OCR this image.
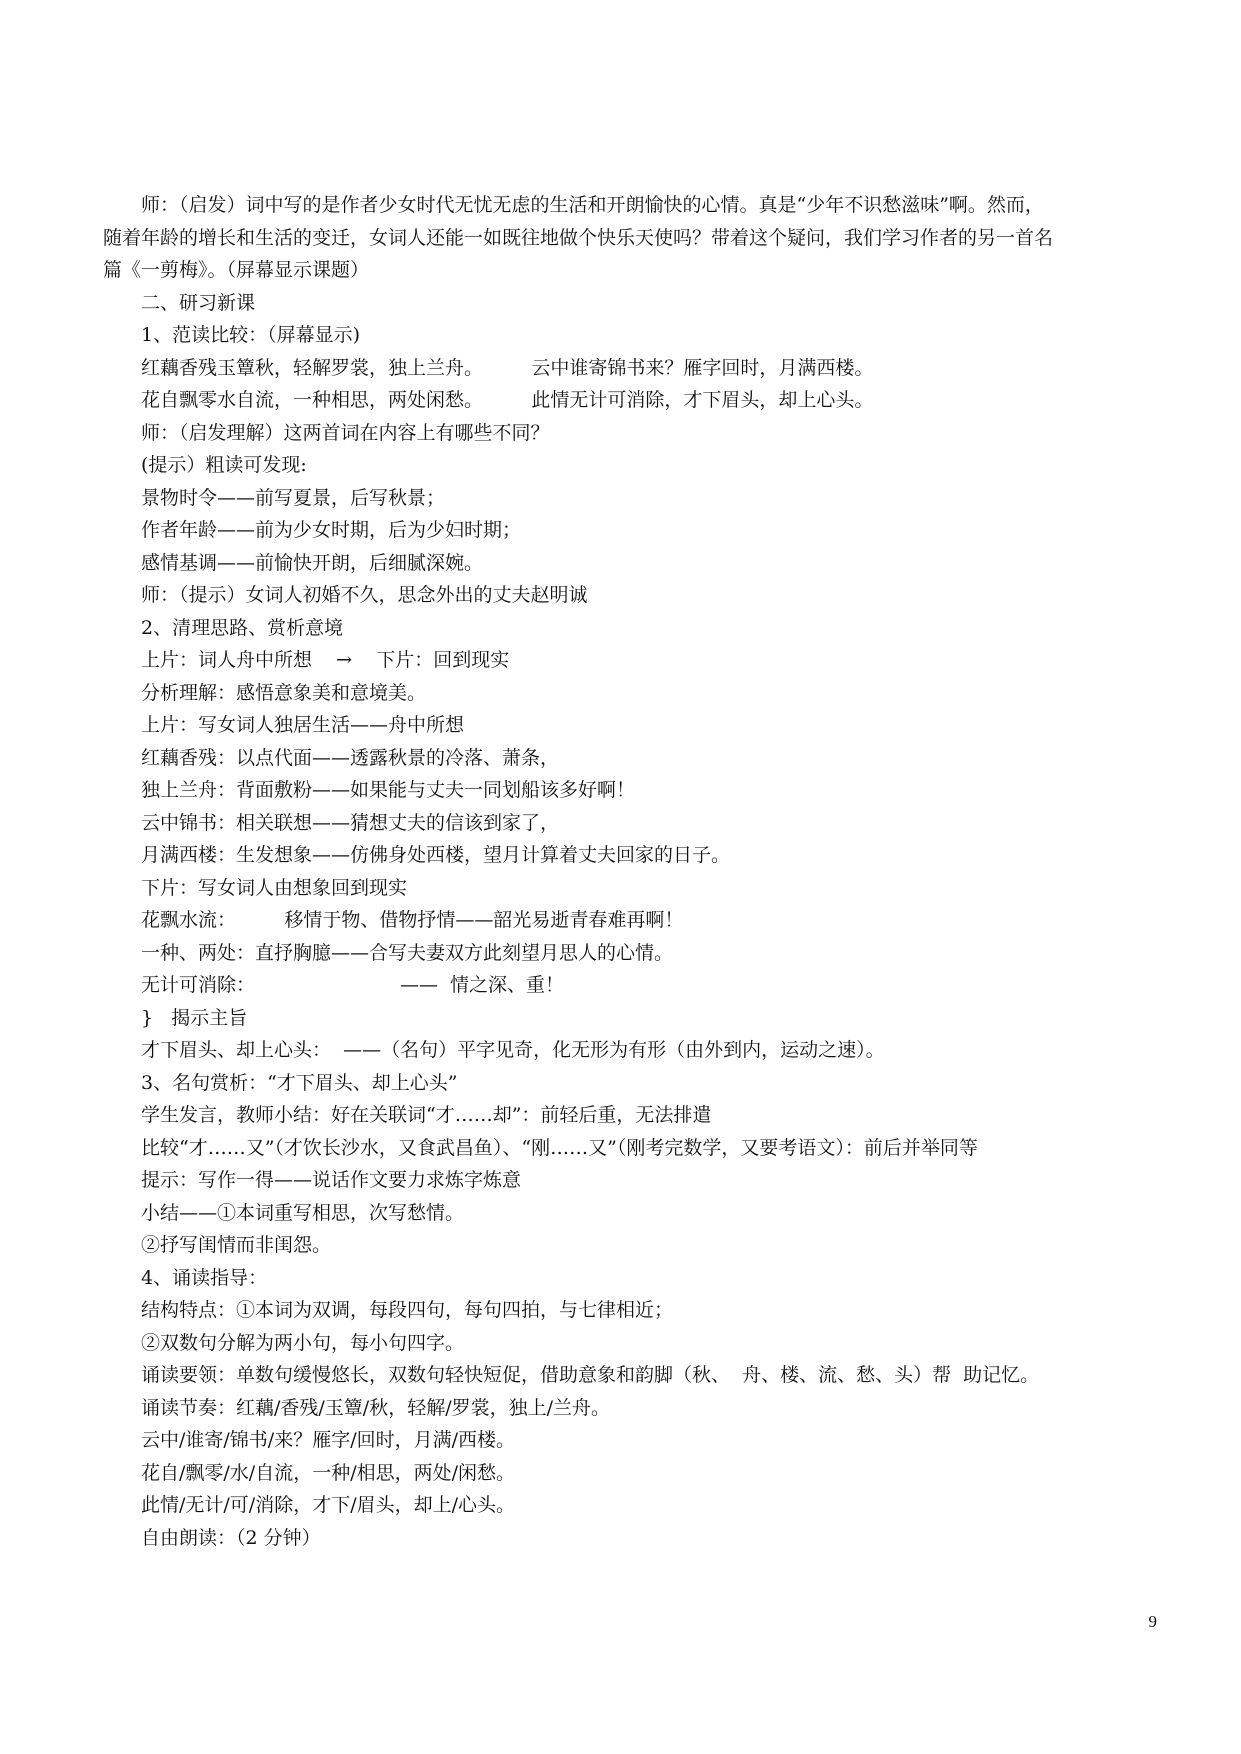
师：（启发）词中写的是作者少女时代无忧无虑的生活和开朗愉快的心情。真是“少年不识愁滋味”啊。然而，
随着年龄的增长和生活的变迁，女词人还能一如既往地做个快乐天使吗？带着这个疑问，我们学习作者的另一首名
篇《一剪梅》。（屏幕显示课题）

二、研习新课

1、范读比较：（屏幕显示)

红藕香残玉簟秋，轻解罗裳，独上兰舟。        云中谁寄锦书来？雁字回时，月满西楼。

花自飘零水自流，一种相思，两处闲愁。        此情无计可消除，才下眉头，却上心头。

师：（启发理解）这两首词在内容上有哪些不同？

(提示）粗读可发现:

景物时令——前写夏景，后写秋景；

作者年龄——前为少女时期，后为少妇时期；

感情基调——前愉快开朗，后细腻深婉。

师：（提示）女词人初婚不久，思念外出的丈夫赵明诚

2、清理思路、赏析意境

上片：词人舟中所想    →    下片：回到现实

分析理解：感悟意象美和意境美。

上片：写女词人独居生活——舟中所想

红藕香残：以点代面——透露秋景的冷落、萧条，

独上兰舟：背面敷粉——如果能与丈夫一同划船该多好啊！

云中锦书：相关联想——猜想丈夫的信该到家了，

月满西楼：生发想象——仿佛身处西楼，望月计算着丈夫回家的日子。

下片：写女词人由想象回到现实

花飘水流：        移情于物、借物抒情——韶光易逝青春难再啊！

一种、两处：直抒胸臆——合写夫妻双方此刻望月思人的心情。

无计可消除：                        ——  情之深、重！

}   揭示主旨

才下眉头、却上心头：  ——（名句）平字见奇，化无形为有形（由外到内，运动之速）。

3、名句赏析：“才下眉头、却上心头”

学生发言，教师小结：好在关联词“才……却”：前轻后重，无法排遣

比较“才……又”（才饮长沙水，又食武昌鱼）、“刚……又”（刚考完数学，又要考语文）：前后并举同等

提示：写作一得——说话作文要力求炼字炼意

小结——①本词重写相思，次写愁情。

②抒写闺情而非闺怨。

4、诵读指导：

结构特点：①本词为双调，每段四句，每句四拍，与七律相近；

②双数句分解为两小句，每小句四字。

诵读要领：单数句缓慢悠长，双数句轻快短促，借助意象和韵脚（秋、  舟、楼、流、愁、头）帮  助记忆。

诵读节奏：红藕/香残/玉簟/秋，轻解/罗裳，独上/兰舟。

云中/谁寄/锦书/来？雁字/回时，月满/西楼。

花自/飘零/水/自流，一种/相思，两处/闲愁。

此情/无计/可/消除，才下/眉头，却上/心头。

自由朗读：（2 分钟）

9
